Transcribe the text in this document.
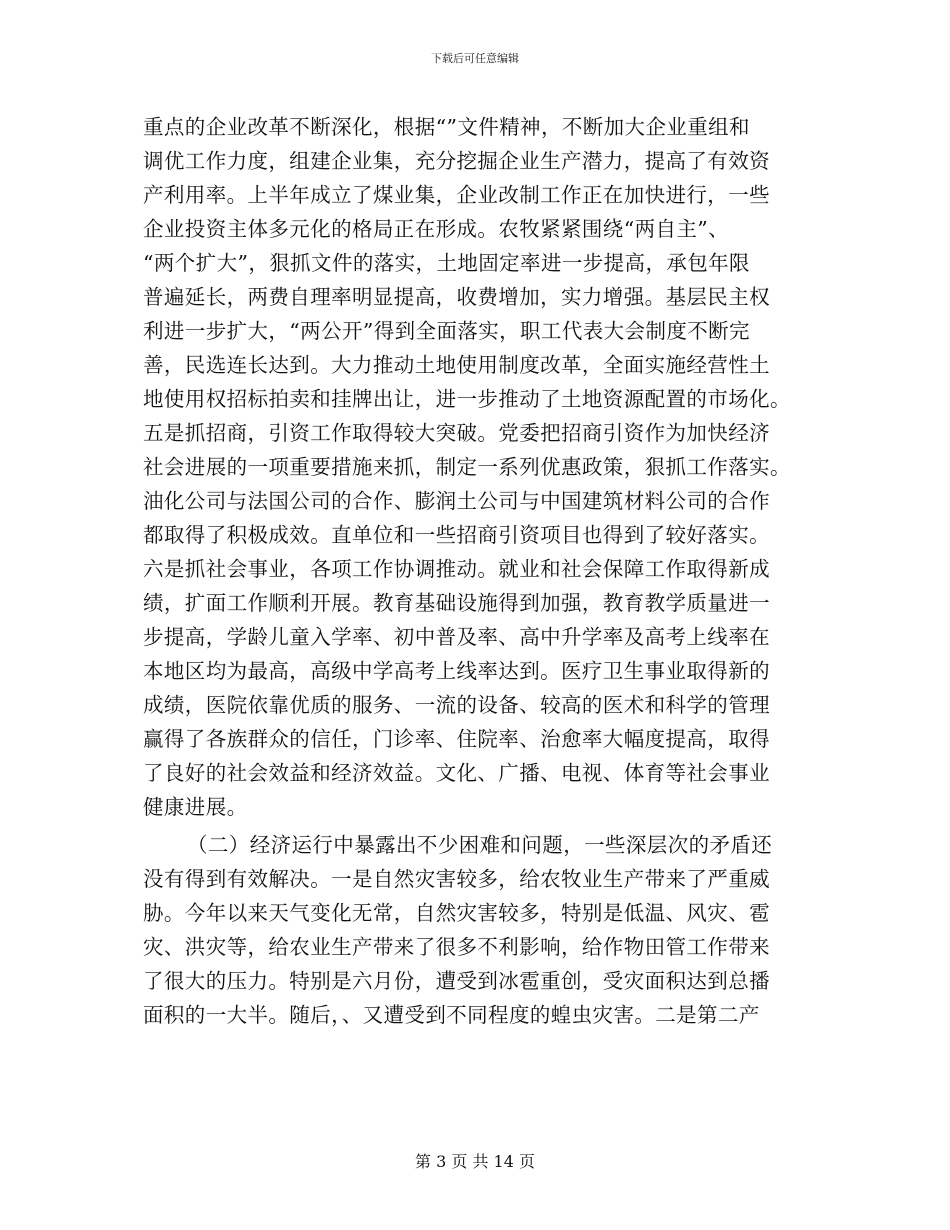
下载后可任意编辑
重点的企业改革不断深化，根据“”文件精神，不断加大企业重组和
调优工作力度，组建企业集，充分挖掘企业生产潜力，提高了有效资
产利用率。上半年成立了煤业集，企业改制工作正在加快进行，一些
企业投资主体多元化的格局正在形成。农牧紧紧围绕“两自主”、
“两个扩大”，狠抓文件的落实，土地固定率进一步提高，承包年限
普遍延长，两费自理率明显提高，收费增加，实力增强。基层民主权
利进一步扩大，“两公开”得到全面落实，职工代表大会制度不断完
善，民选连长达到。大力推动土地使用制度改革，全面实施经营性土
地使用权招标拍卖和挂牌出让，进一步推动了土地资源配置的市场化。
五是抓招商，引资工作取得较大突破。党委把招商引资作为加快经济
社会进展的一项重要措施来抓，制定一系列优惠政策，狠抓工作落实。
油化公司与法国公司的合作、膨润土公司与中国建筑材料公司的合作
都取得了积极成效。直单位和一些招商引资项目也得到了较好落实。
六是抓社会事业，各项工作协调推动。就业和社会保障工作取得新成
绩，扩面工作顺利开展。教育基础设施得到加强，教育教学质量进一
步提高，学龄儿童入学率、初中普及率、高中升学率及高考上线率在
本地区均为最高，高级中学高考上线率达到。医疗卫生事业取得新的
成绩，医院依靠优质的服务、一流的设备、较高的医术和科学的管理
赢得了各族群众的信任，门诊率、住院率、治愈率大幅度提高，取得
了良好的社会效益和经济效益。文化、广播、电视、体育等社会事业
健康进展。
（二）经济运行中暴露出不少困难和问题，一些深层次的矛盾还
没有得到有效解决。一是自然灾害较多，给农牧业生产带来了严重威
胁。今年以来天气变化无常，自然灾害较多，特别是低温、风灾、雹
灾、洪灾等，给农业生产带来了很多不利影响，给作物田管工作带来
了很大的压力。特别是六月份，遭受到冰雹重创，受灾面积达到总播
面积的一大半。随后，、又遭受到不同程度的蝗虫灾害。二是第二产
第 3 页 共 14 页
